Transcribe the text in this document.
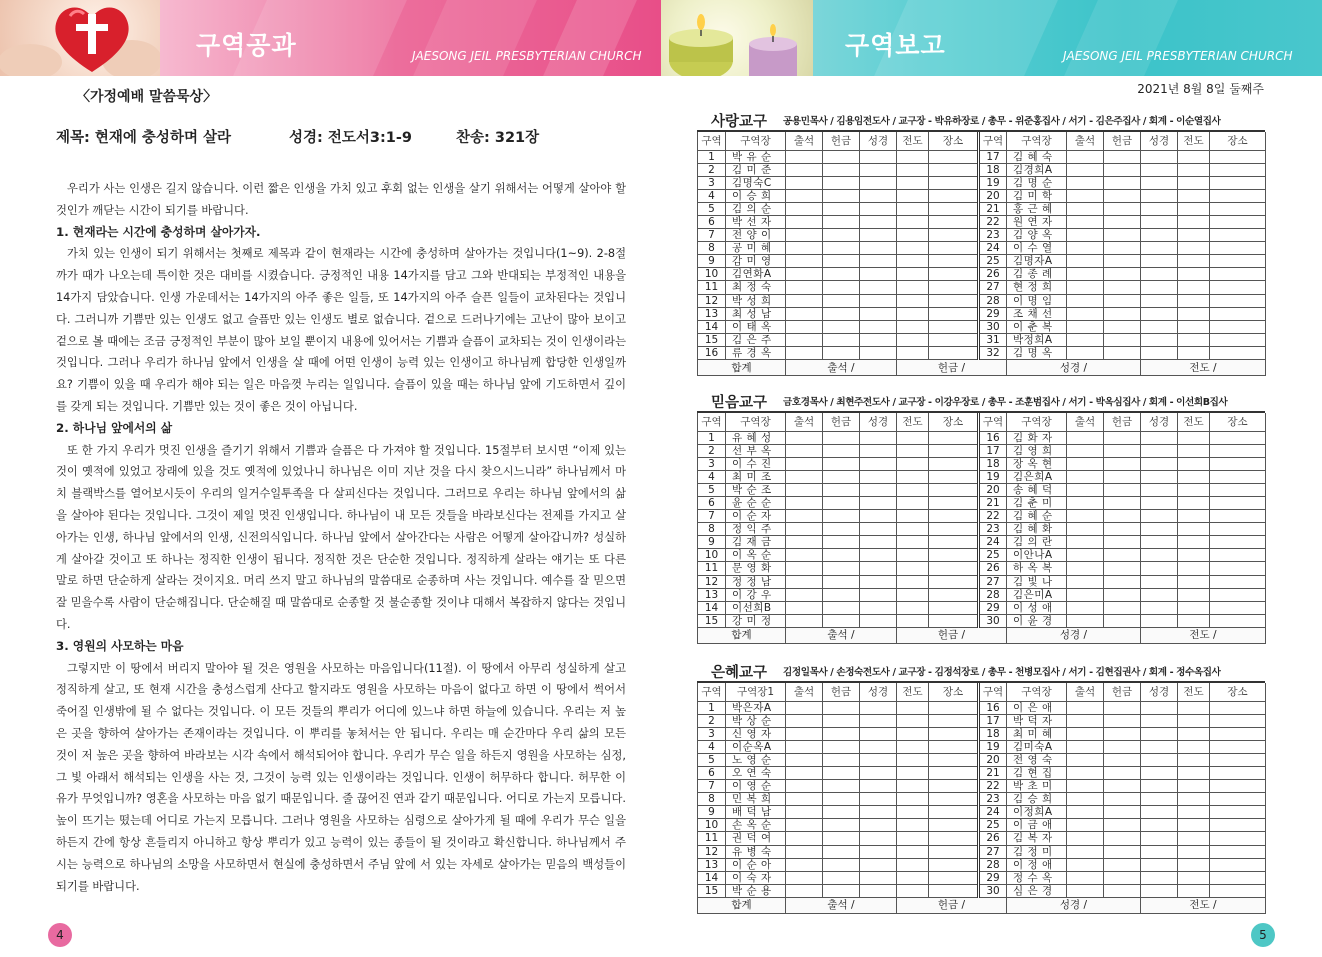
구역공과	JAESONG JEIL PRESBYTERIAN CHURCH	구역보고	JAESONG JEIL PRESBYTERIAN CHURCH
〈가정예배 말씀묵상〉
제목: 현재에 충성하며 살라	성경: 전도서3:1-9	찬송: 321장

우리가 사는 인생은 길지 않습니다. 이런 짧은 인생을 가치 있고 후회 없는 인생을 살기 위해서는 어떻게 살아야 할 것인가 깨닫는 시간이 되기를 바랍니다.

1. 현재라는 시간에 충성하며 살아가자.

가치 있는 인생이 되기 위해서는 첫째로 제목과 같이 현재라는 시간에 충성하며 살아가는 것입니다(1~9). 2-8절까가 때가 나오는데 특이한 것은 대비를 시켰습니다. 긍정적인 내용 14가지를 담고 그와 반대되는 부정적인 내용을 14가지 담았습니다. 인생 가운데서는 14가지의 아주 좋은 일들, 또 14가지의 아주 슬픈 일들이 교차된다는 것입니다. 그러니까 기쁨만 있는 인생도 없고 슬픔만 있는 인생도 별로 없습니다. 겉으로 드러나기에는 고난이 많아 보이고 겉으로 볼 때에는 조금 긍정적인 부분이 많아 보일 뿐이지 내용에 있어서는 기쁨과 슬픔이 교차되는 것이 인생이라는 것입니다. 그러나 우리가 하나님 앞에서 인생을 살 때에 어떤 인생이 능력 있는 인생이고 하나님께 합당한 인생일까요? 기쁨이 있을 때 우리가 해야 되는 일은 마음껏 누리는 일입니다. 슬픔이 있을 때는 하나님 앞에 기도하면서 깊이를 갖게 되는 것입니다. 기쁨만 있는 것이 좋은 것이 아닙니다.

2. 하나님 앞에서의 삶

또 한 가지 우리가 멋진 인생을 즐기기 위해서 기쁨과 슬픔은 다 가져야 할 것입니다. 15절부터 보시면 “이제 있는 것이 옛적에 있었고 장래에 있을 것도 옛적에 있었나니 하나님은 이미 지난 것을 다시 찾으시느니라” 하나님께서 마치 블랙박스를 열어보시듯이 우리의 일거수일투족을 다 살피신다는 것입니다. 그러므로 우리는 하나님 앞에서의 삶을 살아야 된다는 것입니다. 그것이 제일 멋진 인생입니다. 하나님이 내 모든 것들을 바라보신다는 전제를 가지고 살아가는 인생, 하나님 앞에서의 인생, 신전의식입니다. 하나님 앞에서 살아간다는 사람은 어떻게 살아갑니까? 성실하게 살아갈 것이고 또 하나는 정직한 인생이 됩니다. 정직한 것은 단순한 것입니다. 정직하게 살라는 얘기는 또 다른 말로 하면 단순하게 살라는 것이지요. 머리 쓰지 말고 하나님의 말씀대로 순종하며 사는 것입니다. 예수를 잘 믿으면 잘 믿을수록 사람이 단순해집니다. 단순해질 때 말씀대로 순종할 것 불순종할 것이냐 대해서 복잡하지 않다는 것입니다.

3. 영원의 사모하는 마음

그렇지만 이 땅에서 버리지 말아야 될 것은 영원을 사모하는 마음입니다(11절). 이 땅에서 아무리 성실하게 살고 정직하게 살고, 또 현재 시간을 충성스럽게 산다고 할지라도 영원을 사모하는 마음이 없다고 하면 이 땅에서 썩어서 죽어질 인생밖에 될 수 없다는 것입니다. 이 모든 것들의 뿌리가 어디에 있느냐 하면 하늘에 있습니다. 우리는 저 높은 곳을 향하여 살아가는 존재이라는 것입니다. 이 뿌리를 놓쳐서는 안 됩니다. 우리는 매 순간마다 우리 삶의 모든 것이 저 높은 곳을 향하여 바라보는 시각 속에서 해석되어야 합니다. 우리가 무슨 일을 하든지 영원을 사모하는 심정, 그 빛 아래서 해석되는 인생을 사는 것, 그것이 능력 있는 인생이라는 것입니다. 인생이 허무하다 합니다. 허무한 이유가 무엇입니까? 영혼을 사모하는 마음 없기 때문입니다. 줄 끊어진 연과 같기 때문입니다. 어디로 가는지 모릅니다. 높이 뜨기는 떴는데 어디로 가는지 모릅니다. 그러나 영원을 사모하는 심령으로 살아가게 될 때에 우리가 무슨 일을 하든지 간에 항상 흔들리지 아니하고 항상 뿌리가 있고 능력이 있는 종들이 될 것이라고 확신합니다. 하나님께서 주시는 능력으로 하나님의 소망을 사모하면서 현실에 충성하면서 주님 앞에 서 있는 자세로 살아가는 믿음의 백성들이 되기를 바랍니다.

4
2021년 8월 8일 둘째주
사랑교구	공용민목사 / 김용임전도사 / 교구장 - 박유하장로 / 총무 - 위준홍집사 / 서기 - 김은주집사 / 회계 - 이순열집사
구역	구역장	출석	헌금	성경	전도	장소	구역	구역장	출석	헌금	성경	전도	장소
1	박 유 순						17	김 혜 숙					
2	김 미 준						18	김경희A					
3	김명숙C						19	김 명 순					
4	이 승 희						20	김 미 학					
5	김 의 순						21	홍 근 혜					
6	박 선 자						22	원 연 자					
7	전 양 이						23	김 양 옥					
8	공 미 혜						24	이 수 열					
9	감 미 영						25	김명자A					
10	김연화A						26	김 종 례					
11	최 정 숙						27	현 정 희					
12	박 성 희						28	이 명 임					
13	최 성 남						29	조 채 선					
14	이 태 옥						30	이 춘 복					
15	김 은 주						31	박정희A					
16	류 경 옥						32	김 명 옥					
합계		출석 /			헌금 /			성경 /			전도 /		
믿음교구	금호경목사 / 최현주전도사 / 교구장 - 이강우장로 / 총무 - 조훈범집사 / 서기 - 박옥심집사 / 회계 - 이선희B집사
구역	구역장	출석	헌금	성경	전도	장소	구역	구역장	출석	헌금	성경	전도	장소
1	유 혜 성						16	김 화 자					
2	선 부 옥						17	김 영 희					
3	이 수 진						18	장 옥 현					
4	최 미 조						19	김은희A					
5	박 순 조						20	송 혜 덕					
6	윤 순 순						21	김 춘 미					
7	이 순 자						22	김 혜 순					
8	정 익 주						23	김 혜 화					
9	김 재 금						24	김 의 란					
10	이 옥 순						25	이안나A					
11	문 영 화						26	하 옥 복					
12	정 정 남						27	김 빛 나					
13	이 강 우						28	김은미A					
14	이선희B						29	이 성 애					
15	강 미 정						30	이 윤 경					
합계		출석 /			헌금 /			성경 /			전도 /		
은혜교구	김정일목사 / 손정숙전도사 / 교구장 - 김정석장로 / 총무 - 천병모집사 / 서기 - 김현집권사 / 회계 - 정수옥집사
구역	구역장1	출석	헌금	성경	전도	장소	구역	구역장	출석	헌금	성경	전도	장소
1	박은자A						16	이 은 애					
2	박 상 순						17	박 덕 자					
3	신 영 자						18	최 미 혜					
4	이순옥A						19	김미숙A					
5	노 영 순						20	전 영 숙					
6	오 연 숙						21	김 현 집					
7	이 영 순						22	박 초 미					
8	민 복 희						23	김 승 희					
9	배 덕 남						24	이정희A					
10	손 옥 순						25	이 금 애					
11	권 덕 여						26	김 복 자					
12	유 병 숙						27	김 정 미					
13	이 순 아						28	이 정 애					
14	이 숙 자						29	정 수 옥					
15	박 순 용						30	심 은 경					
합계		출석 /			헌금 /			성경 /			전도 /		
5
